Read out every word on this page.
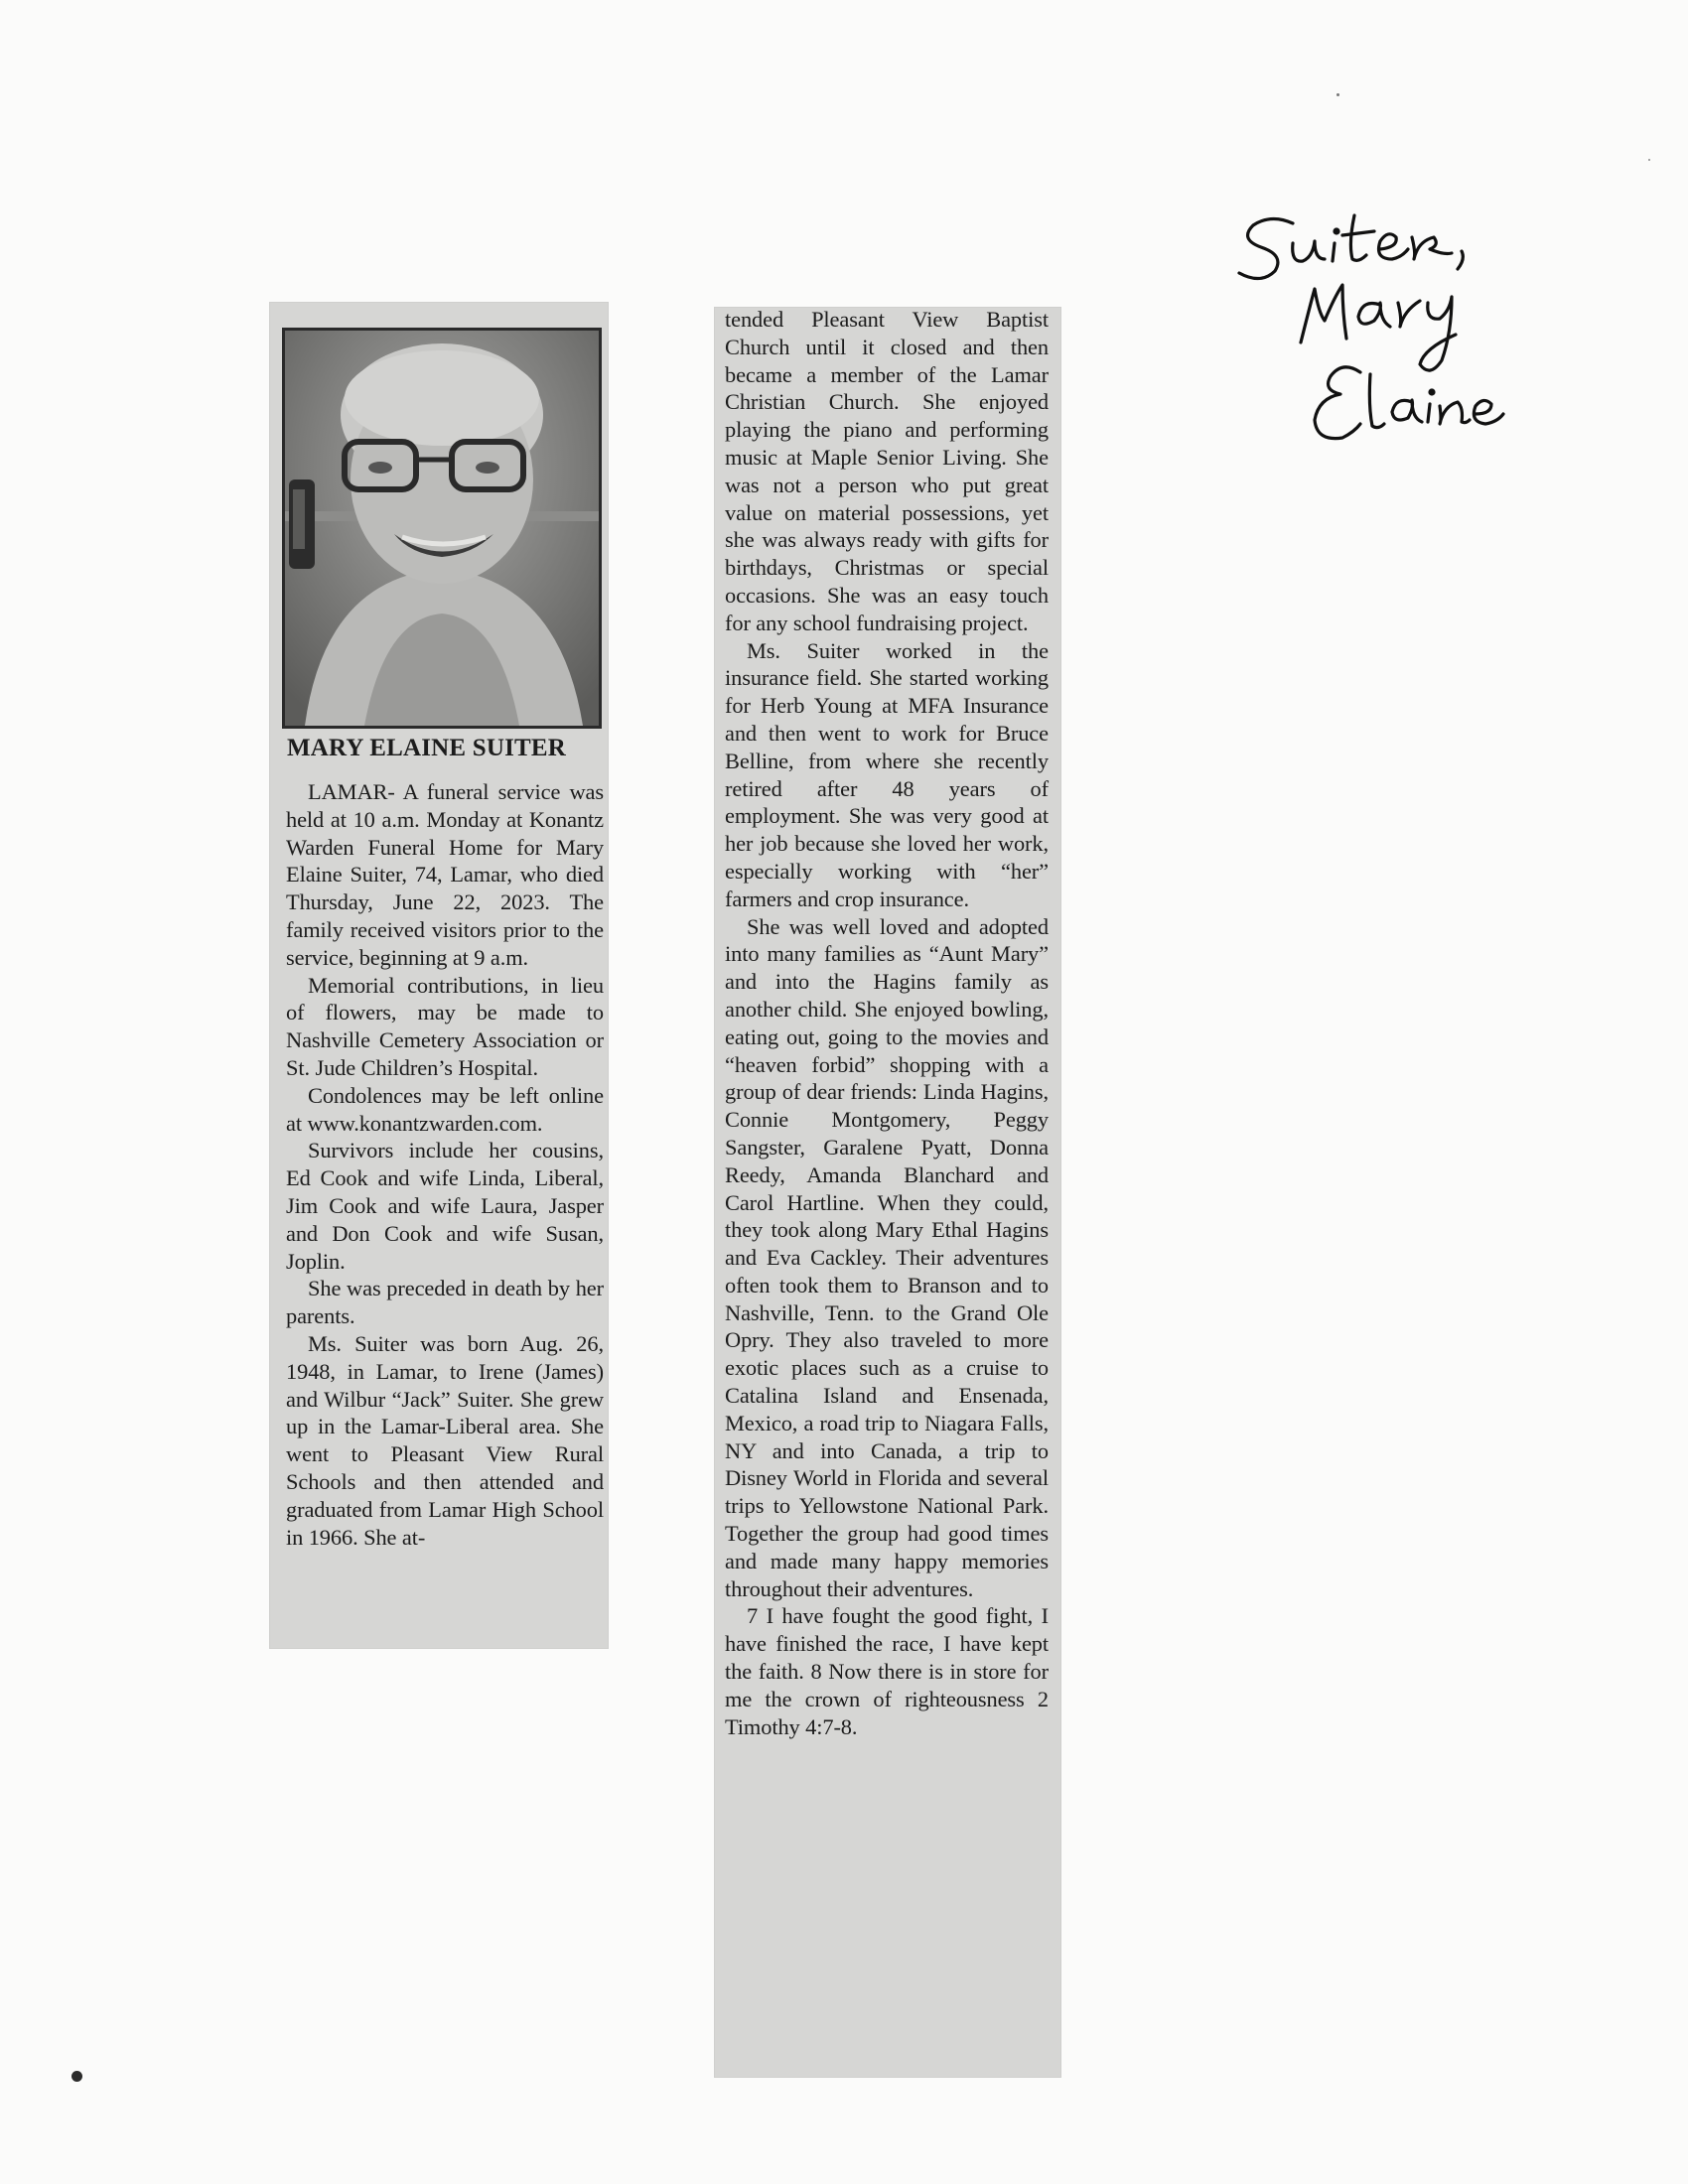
MARY ELAINE SUITER

LAMAR- A funeral service was held at 10 a.m. Monday at Konantz Warden Funeral Home for Mary Elaine Suiter, 74, Lamar, who died Thursday, June 22, 2023. The family received visitors prior to the service, beginning at 9 a.m.

Memorial contributions, in lieu of flowers, may be made to Nashville Cemetery Association or St. Jude Children’s Hospital.

Condolences may be left online at www.konantzwarden.com.

Survivors include her cousins, Ed Cook and wife Linda, Liberal, Jim Cook and wife Laura, Jasper and Don Cook and wife Susan, Joplin.

She was preceded in death by her parents.

Ms. Suiter was born Aug. 26, 1948, in Lamar, to Irene (James) and Wilbur “Jack” Suiter. She grew up in the Lamar-Liberal area. She went to Pleasant View Rural Schools and then attended and graduated from Lamar High School in 1966. She at-

tended Pleasant View Baptist Church until it closed and then became a member of the Lamar Christian Church. She enjoyed playing the piano and performing music at Maple Senior Living. She was not a person who put great value on material possessions, yet she was always ready with gifts for birthdays, Christmas or special occasions. She was an easy touch for any school fundraising project.

Ms. Suiter worked in the insurance field. She started working for Herb Young at MFA Insurance and then went to work for Bruce Belline, from where she recently retired after 48 years of employment. She was very good at her job because she loved her work, especially working with “her” farmers and crop insurance.

She was well loved and adopted into many families as “Aunt Mary” and into the Hagins family as another child. She enjoyed bowling, eating out, going to the movies and “heaven forbid” shopping with a group of dear friends: Linda Hagins, Connie Montgomery, Peggy Sangster, Garalene Pyatt, Donna Reedy, Amanda Blanchard and Carol Hartline. When they could, they took along Mary Ethal Hagins and Eva Cackley. Their adventures often took them to Branson and to Nashville, Tenn. to the Grand Ole Opry. They also traveled to more exotic places such as a cruise to Catalina Island and Ensenada, Mexico, a road trip to Niagara Falls, NY and into Canada, a trip to Disney World in Florida and several trips to Yellowstone National Park. Together the group had good times and made many happy memories throughout their adventures.

7 I have fought the good fight, I have finished the race, I have kept the faith. 8 Now there is in store for me the crown of righteousness 2 Timothy 4:7-8.
